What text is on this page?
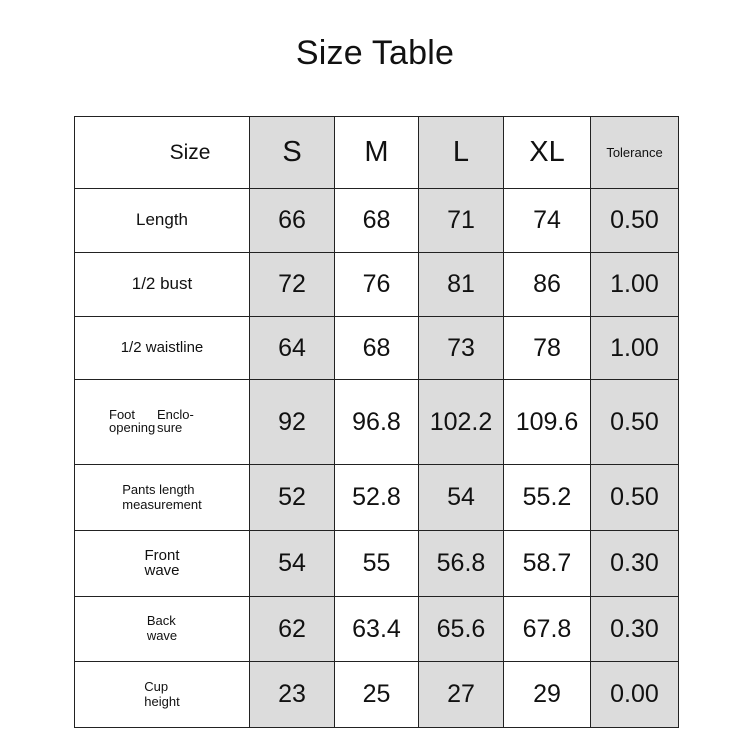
Size Table
Size	S	M	L	XL	Tolerance
Length	66	68	71	74	0.50
1/2 bust	72	76	81	86	1.00
1/2 waistline	64	68	73	78	1.00

Foot Enclo-
opening sure	92	96.8	102.2	109.6	0.50
Pants length
measurement	52	52.8	54	55.2	0.50
Front
wave	54	55	56.8	58.7	0.30
Back
wave	62	63.4	65.6	67.8	0.30
Cup
height	23	25	27	29	0.00
